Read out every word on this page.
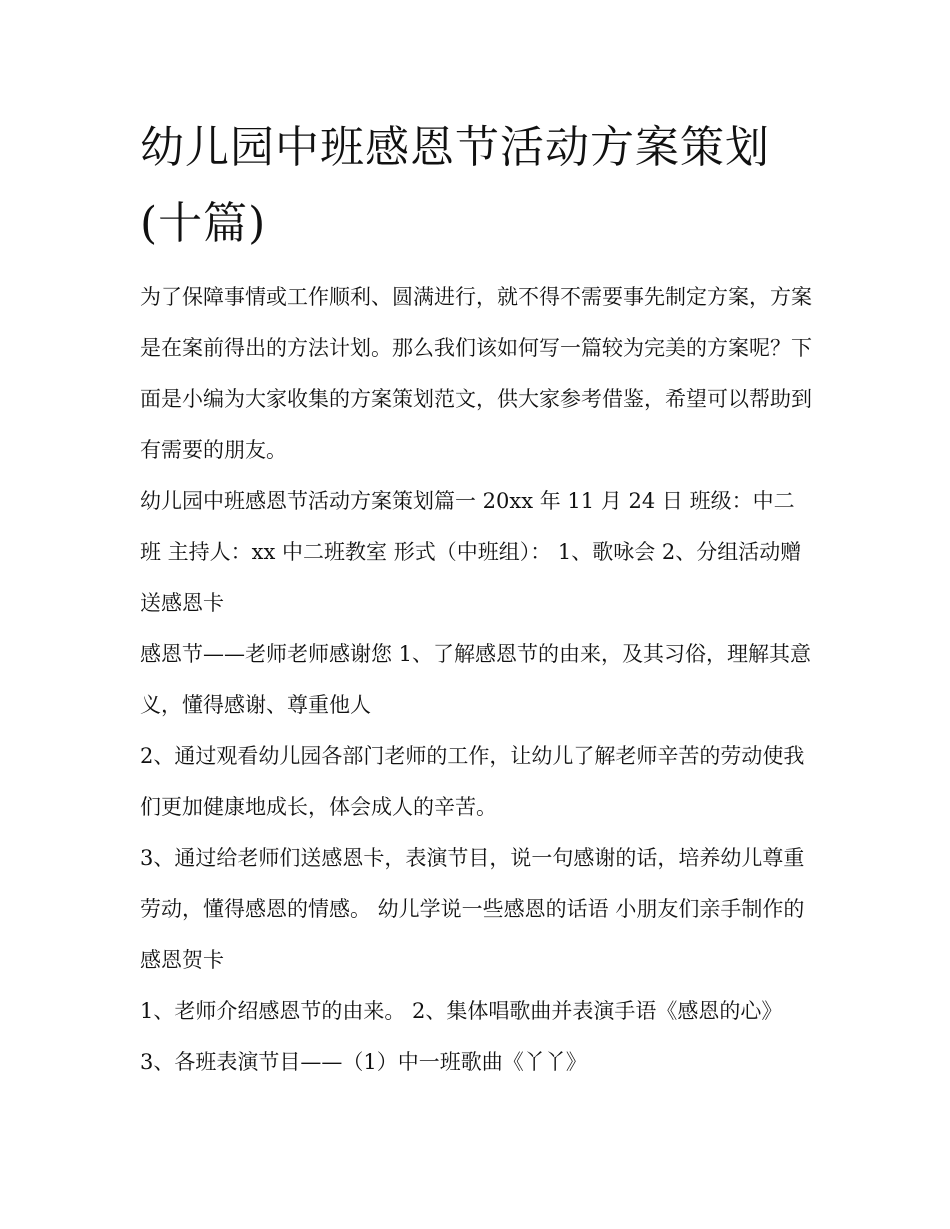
幼儿园中班感恩节活动方案策划(十篇)

为了保障事情或工作顺利、圆满进行，就不得不需要事先制定方案，方案是在案前得出的方法计划。那么我们该如何写一篇较为完美的方案呢？下面是小编为大家收集的方案策划范文，供大家参考借鉴，希望可以帮助到有需要的朋友。

幼儿园中班感恩节活动方案策划篇一 20xx 年 11 月 24 日 班级：中二班 主持人：xx 中二班教室 形式（中班组）： 1、歌咏会 2、分组活动赠送感恩卡

感恩节——老师老师感谢您 1、了解感恩节的由来，及其习俗，理解其意义，懂得感谢、尊重他人

2、通过观看幼儿园各部门老师的工作，让幼儿了解老师辛苦的劳动使我们更加健康地成长，体会成人的辛苦。

3、通过给老师们送感恩卡，表演节目，说一句感谢的话，培养幼儿尊重劳动，懂得感恩的情感。 幼儿学说一些感恩的话语 小朋友们亲手制作的感恩贺卡

1、老师介绍感恩节的由来。 2、集体唱歌曲并表演手语《感恩的心》 3、各班表演节目——（1）中一班歌曲《丫丫》
